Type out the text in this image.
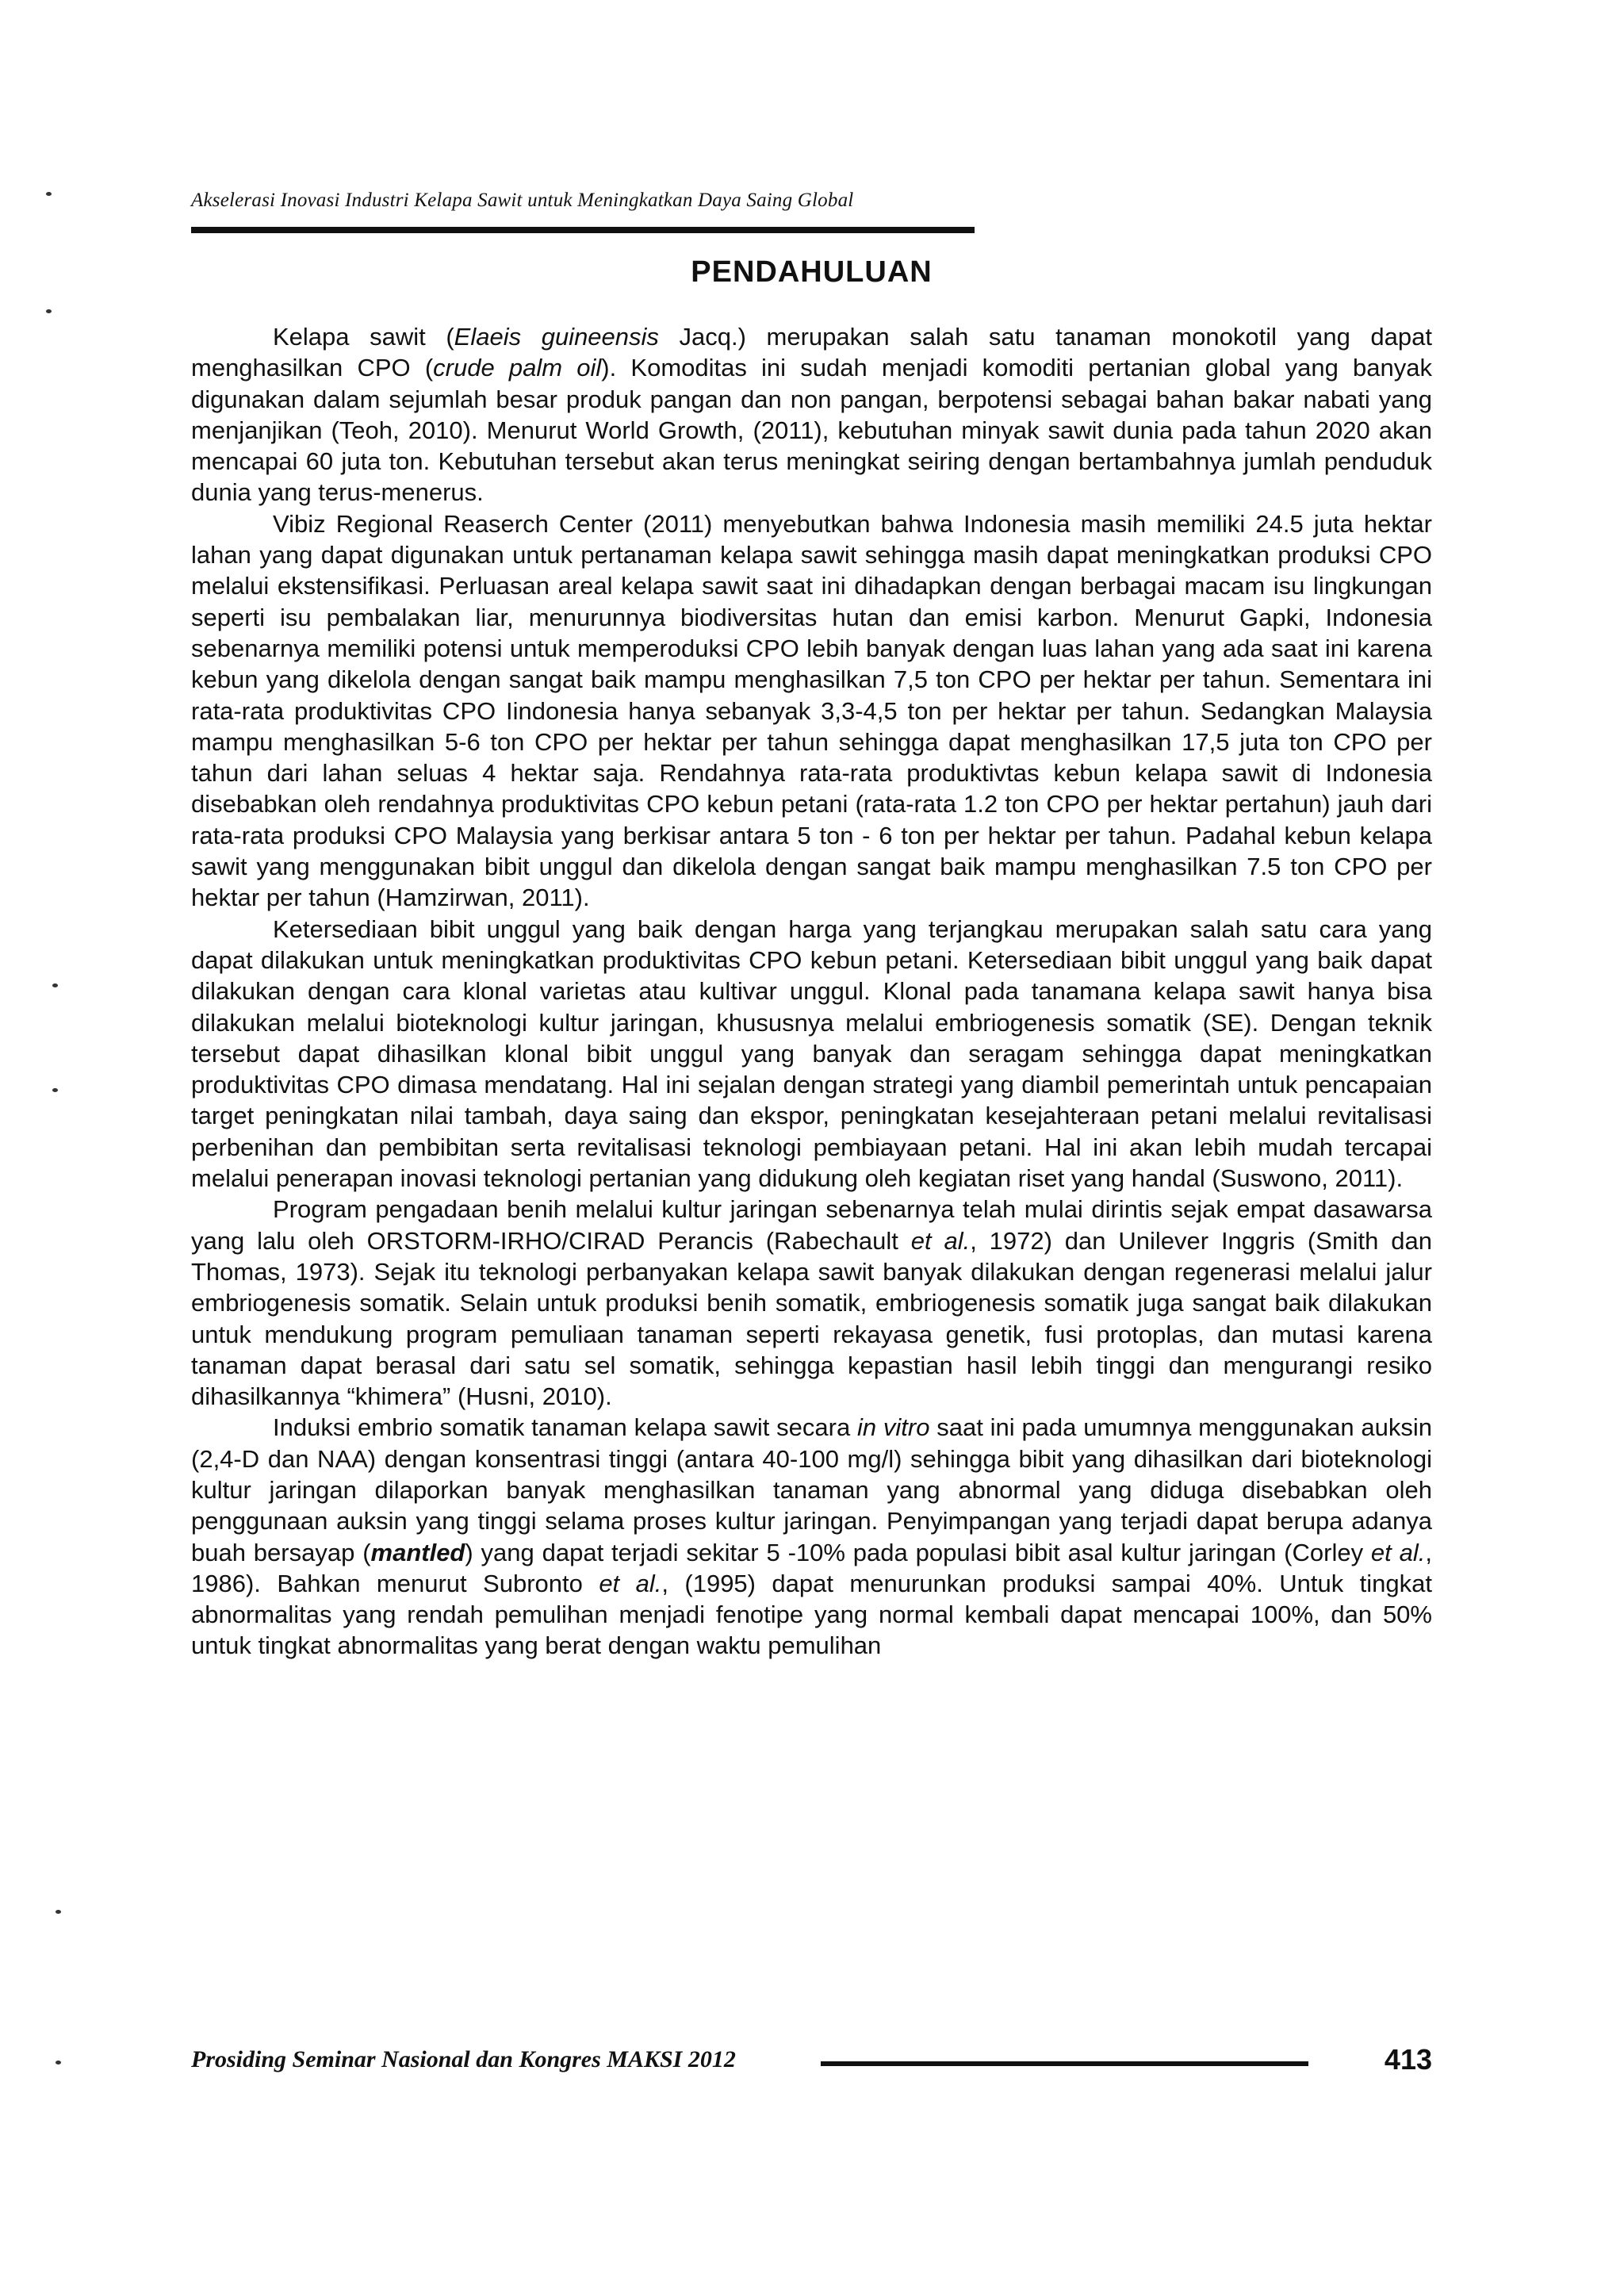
Akselerasi Inovasi Industri Kelapa Sawit untuk Meningkatkan Daya Saing Global
PENDAHULUAN

Kelapa sawit (Elaeis guineensis Jacq.) merupakan salah satu tanaman monokotil yang dapat menghasilkan CPO (crude palm oil). Komoditas ini sudah menjadi komoditi pertanian global yang banyak digunakan dalam sejumlah besar produk pangan dan non pangan, berpotensi sebagai bahan bakar nabati yang menjanjikan (Teoh, 2010). Menurut World Growth, (2011), kebutuhan minyak sawit dunia pada tahun 2020 akan mencapai 60 juta ton. Kebutuhan tersebut akan terus meningkat seiring dengan bertambahnya jumlah penduduk dunia yang terus-menerus.

Vibiz Regional Reaserch Center (2011) menyebutkan bahwa Indonesia masih memiliki 24.5 juta hektar lahan yang dapat digunakan untuk pertanaman kelapa sawit sehingga masih dapat meningkatkan produksi CPO melalui ekstensifikasi. Perluasan areal kelapa sawit saat ini dihadapkan dengan berbagai macam isu lingkungan seperti isu pembalakan liar, menurunnya biodiversitas hutan dan emisi karbon. Menurut Gapki, Indonesia sebenarnya memiliki potensi untuk memperoduksi CPO lebih banyak dengan luas lahan yang ada saat ini karena kebun yang dikelola dengan sangat baik mampu menghasilkan 7,5 ton CPO per hektar per tahun. Sementara ini rata-rata produktivitas CPO Iindonesia hanya sebanyak 3,3-4,5 ton per hektar per tahun. Sedangkan Malaysia mampu menghasilkan 5-6 ton CPO per hektar per tahun sehingga dapat menghasilkan 17,5 juta ton CPO per tahun dari lahan seluas 4 hektar saja. Rendahnya rata-rata produktivtas kebun kelapa sawit di Indonesia disebabkan oleh rendahnya produktivitas CPO kebun petani (rata-rata 1.2 ton CPO per hektar pertahun) jauh dari rata-rata produksi CPO Malaysia yang berkisar antara 5 ton - 6 ton per hektar per tahun. Padahal kebun kelapa sawit yang menggunakan bibit unggul dan dikelola dengan sangat baik mampu menghasilkan 7.5 ton CPO per hektar per tahun (Hamzirwan, 2011).

Ketersediaan bibit unggul yang baik dengan harga yang terjangkau merupakan salah satu cara yang dapat dilakukan untuk meningkatkan produktivitas CPO kebun petani. Ketersediaan bibit unggul yang baik dapat dilakukan dengan cara klonal varietas atau kultivar unggul. Klonal pada tanamana kelapa sawit hanya bisa dilakukan melalui bioteknologi kultur jaringan, khususnya melalui embriogenesis somatik (SE). Dengan teknik tersebut dapat dihasilkan klonal bibit unggul yang banyak dan seragam sehingga dapat meningkatkan produktivitas CPO dimasa mendatang. Hal ini sejalan dengan strategi yang diambil pemerintah untuk pencapaian target peningkatan nilai tambah, daya saing dan ekspor, peningkatan kesejahteraan petani melalui revitalisasi perbenihan dan pembibitan serta revitalisasi teknologi pembiayaan petani. Hal ini akan lebih mudah tercapai melalui penerapan inovasi teknologi pertanian yang didukung oleh kegiatan riset yang handal (Suswono, 2011).

Program pengadaan benih melalui kultur jaringan sebenarnya telah mulai dirintis sejak empat dasawarsa yang lalu oleh ORSTORM-IRHO/CIRAD Perancis (Rabechault et al., 1972) dan Unilever Inggris (Smith dan Thomas, 1973). Sejak itu teknologi perbanyakan kelapa sawit banyak dilakukan dengan regenerasi melalui jalur embriogenesis somatik. Selain untuk produksi benih somatik, embriogenesis somatik juga sangat baik dilakukan untuk mendukung program pemuliaan tanaman seperti rekayasa genetik, fusi protoplas, dan mutasi karena tanaman dapat berasal dari satu sel somatik, sehingga kepastian hasil lebih tinggi dan mengurangi resiko dihasilkannya “khimera” (Husni, 2010).

Induksi embrio somatik tanaman kelapa sawit secara in vitro saat ini pada umumnya menggunakan auksin (2,4-D dan NAA) dengan konsentrasi tinggi (antara 40-100 mg/l) sehingga bibit yang dihasilkan dari bioteknologi kultur jaringan dilaporkan banyak menghasilkan tanaman yang abnormal yang diduga disebabkan oleh penggunaan auksin yang tinggi selama proses kultur jaringan. Penyimpangan yang terjadi dapat berupa adanya buah bersayap (mantled) yang dapat terjadi sekitar 5 -10% pada populasi bibit asal kultur jaringan (Corley et al., 1986). Bahkan menurut Subronto et al., (1995) dapat menurunkan produksi sampai 40%. Untuk tingkat abnormalitas yang rendah pemulihan menjadi fenotipe yang normal kembali dapat mencapai 100%, dan 50% untuk tingkat abnormalitas yang berat dengan waktu pemulihan

Prosiding Seminar Nasional dan Kongres MAKSI 2012	413
